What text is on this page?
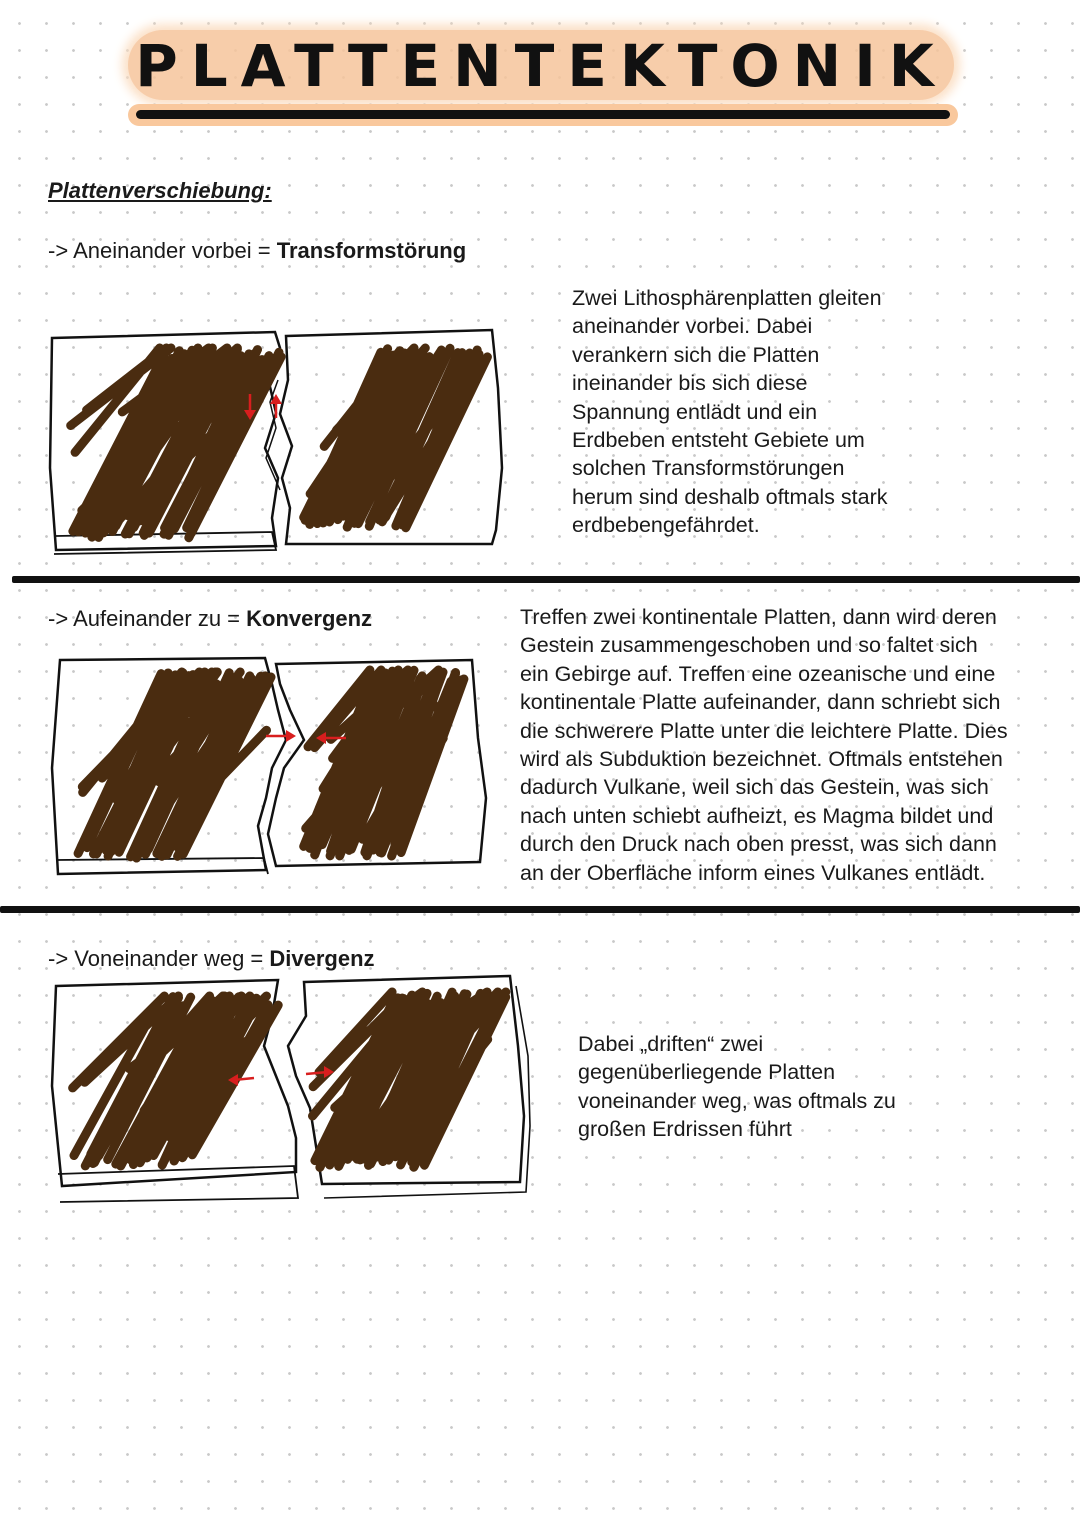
PLATTENTEKTONIK
Plattenverschiebung:
-> Aneinander vorbei = Transformstörung
Zwei Lithosphärenplatten gleiten
aneinander vorbei. Dabei
verankern sich die Platten
ineinander bis sich diese
Spannung entlädt und ein
Erdbeben entsteht Gebiete um
solchen Transformstörungen
herum sind deshalb oftmals stark
erdbebengefährdet.
-> Aufeinander zu = Konvergenz	Treffen zwei kontinentale Platten, dann wird deren
Gestein zusammengeschoben und so faltet sich
ein Gebirge auf. Treffen eine ozeanische und eine
kontinentale Platte aufeinander, dann schriebt sich
die schwerere Platte unter die leichtere Platte. Dies
wird als Subduktion bezeichnet. Oftmals entstehen
dadurch Vulkane, weil sich das Gestein, was sich
nach unten schiebt aufheizt, es Magma bildet und
durch den Druck nach oben presst, was sich dann
an der Oberfläche inform eines Vulkanes entlädt.
-> Voneinander weg = Divergenz
Dabei „driften“ zwei
gegenüberliegende Platten
voneinander weg, was oftmals zu
großen Erdrissen führt
